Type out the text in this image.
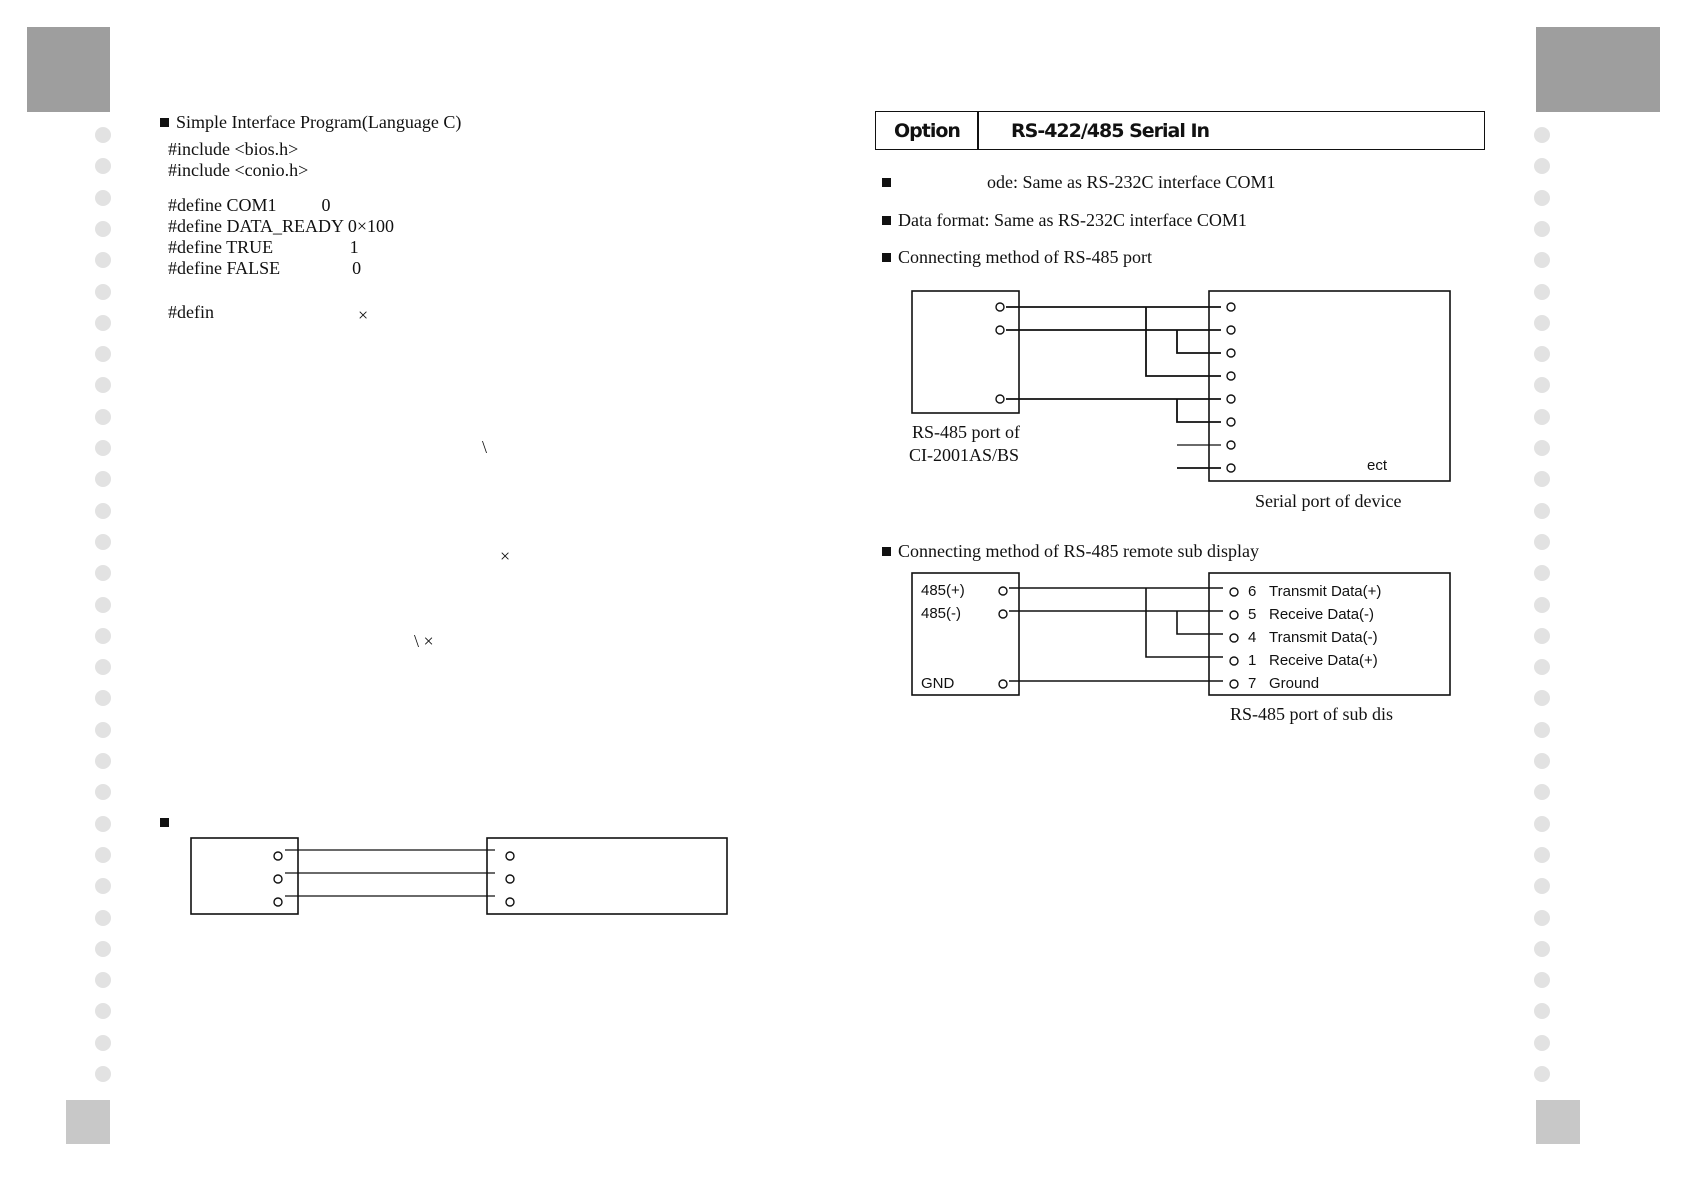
Simple Interface Program(Language C)
#include <bios.h>
#include <conio.h>
#define COM1          0
#define DATA_READY 0×100
#define TRUE                 1
#define FALSE                0
#defin	×
\
×
\ ×
Option	RS-422/485 Serial In
ode: Same as RS-232C interface COM1
Data format: Same as RS-232C interface COM1
Connecting method of RS-485 port
ect
RS-485 port of
CI-2001AS/BS
Serial port of device
Connecting method of RS-485 remote sub display
485(+)
485(-)
GND
6 Transmit Data(+)
5 Receive Data(-)
4 Transmit Data(-)
1 Receive Data(+)
7 Ground
RS-485 port of sub dis
